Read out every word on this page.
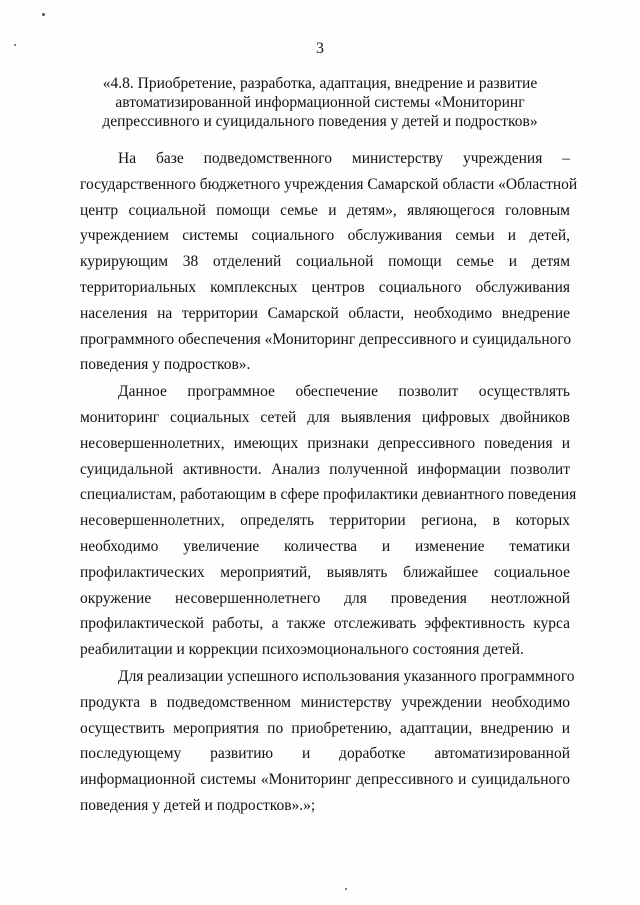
3
«4.8. Приобретение, разработка, адаптация, внедрение и развитие
автоматизированной информационной системы «Мониторинг
депрессивного и суицидального поведения у детей и подростков»
На базе подведомственного министерству учреждения –
государственного бюджетного учреждения Самарской области «Областной
центр социальной помощи семье и детям», являющегося головным
учреждением системы социального обслуживания семьи и детей,
курирующим 38 отделений социальной помощи семье и детям
территориальных комплексных центров социального обслуживания
населения на территории Самарской области, необходимо внедрение
программного обеспечения «Мониторинг депрессивного и суицидального
поведения у подростков».
Данное программное обеспечение позволит осуществлять
мониторинг социальных сетей для выявления цифровых двойников
несовершеннолетних, имеющих признаки депрессивного поведения и
суицидальной активности. Анализ полученной информации позволит
специалистам, работающим в сфере профилактики девиантного поведения
несовершеннолетних, определять территории региона, в которых
необходимо увеличение количества и изменение тематики
профилактических мероприятий, выявлять ближайшее социальное
окружение несовершеннолетнего для проведения неотложной
профилактической работы, а также отслеживать эффективность курса
реабилитации и коррекции психоэмоционального состояния детей.
Для реализации успешного использования указанного программного
продукта в подведомственном министерству учреждении необходимо
осуществить мероприятия по приобретению, адаптации, внедрению и
последующему развитию и доработке автоматизированной
информационной системы «Мониторинг депрессивного и суицидального
поведения у детей и подростков».»;
